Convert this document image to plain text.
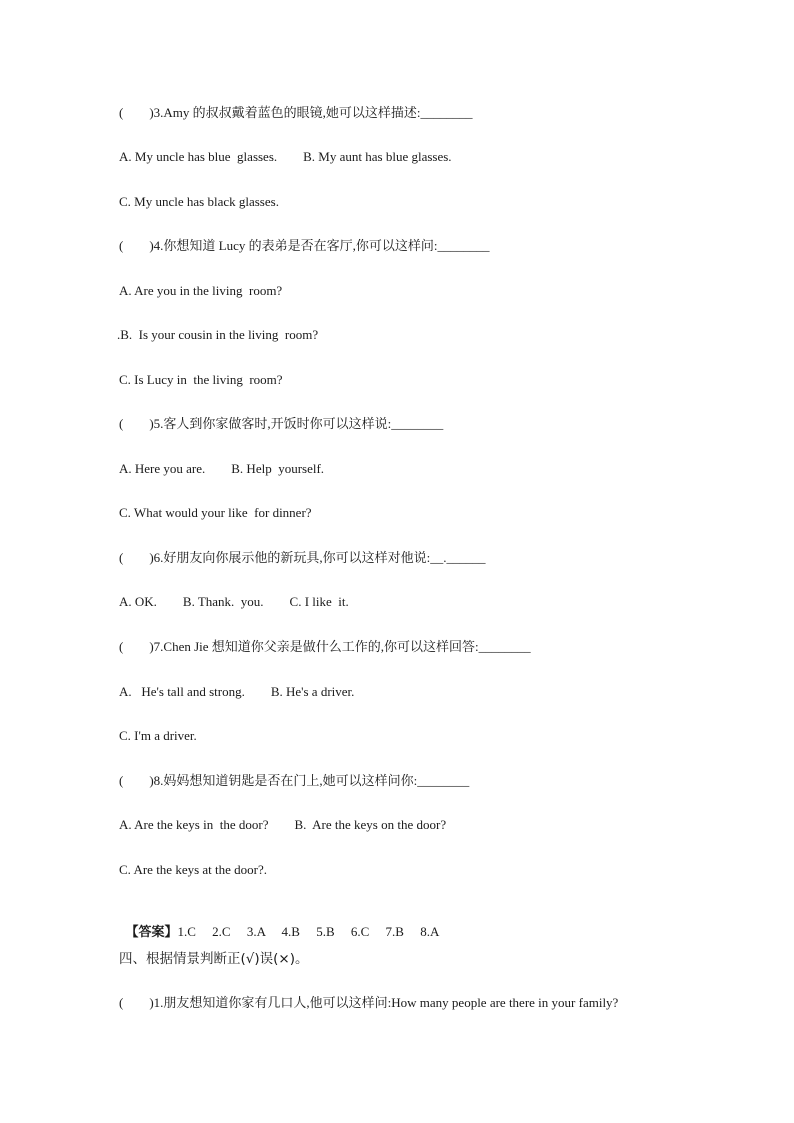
(        )3.Amy 的叔叔戴着蓝色的眼镜,她可以这样描述:________
A. My uncle has blue  glasses.        B. My aunt has blue glasses.
C. My uncle has black glasses.
(        )4.你想知道 Lucy 的表弟是否在客厅,你可以这样问:________
A. Are you in the living  room?
.B.  Is your cousin in the living  room?
C. Is Lucy in  the living  room?
(        )5.客人到你家做客时,开饭时你可以这样说:________
A. Here you are.        B. Help  yourself.
C. What would your like  for dinner?
(        )6.好朋友向你展示他的新玩具,你可以这样对他说:__.______
A. OK.        B. Thank.  you.        C. I like  it.
(        )7.Chen Jie 想知道你父亲是做什么工作的,你可以这样回答:________
A.   He's tall and strong.        B. He's a driver.
C. I'm a driver.
(        )8.妈妈想知道钥匙是否在门上,她可以这样问你:________
A. Are the keys in  the door?        B.  Are the keys on the door?
C. Are the keys at the door?.

【答案】1.C     2.C     3.A     4.B     5.B     6.C     7.B     8.A

四、根据情景判断正(√)误(×)。
(        )1.朋友想知道你家有几口人,他可以这样问:How many people are there in your family?
